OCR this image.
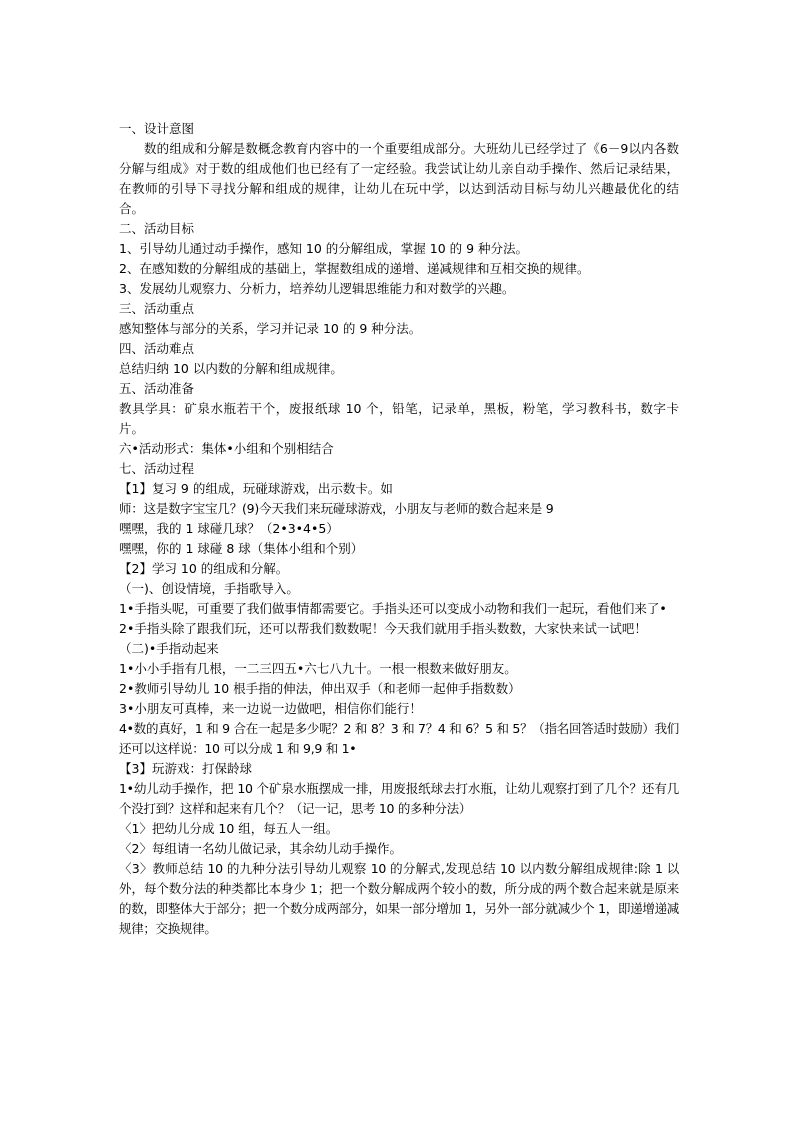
一、设计意图

数的组成和分解是数概念教育内容中的一个重要组成部分。大班幼儿已经学过了《6－9以内各数分解与组成》对于数的组成他们也已经有了一定经验。我尝试让幼儿亲自动手操作、然后记录结果，在教师的引导下寻找分解和组成的规律，让幼儿在玩中学，以达到活动目标与幼儿兴趣最优化的结合。

二、活动目标

1、引导幼儿通过动手操作，感知 10 的分解组成，掌握 10 的 9 种分法。

2、在感知数的分解组成的基础上，掌握数组成的递增、递减规律和互相交换的规律。

3、发展幼儿观察力、分析力，培养幼儿逻辑思维能力和对数学的兴趣。

三、活动重点

感知整体与部分的关系，学习并记录 10 的 9 种分法。

四、活动难点

总结归纳 10 以内数的分解和组成规律。

五、活动准备

教具学具：矿泉水瓶若干个，废报纸球 10 个，铅笔，记录单，黑板，粉笔，学习教科书，数字卡片。

六•活动形式：集体•小组和个别相结合

七、活动过程

【1】复习 9 的组成，玩碰球游戏，出示数卡。如

师：这是数字宝宝几？(9)今天我们来玩碰球游戏，小朋友与老师的数合起来是 9

嘿嘿，我的 1 球碰几球？（2•3•4•5）

嘿嘿，你的 1 球碰 8 球（集体小组和个别）

【2】学习 10 的组成和分解。

（一)、创设情境，手指歌导入。

1•手指头呢，可重要了我们做事情都需要它。手指头还可以变成小动物和我们一起玩，看他们来了•

2•手指头除了跟我们玩，还可以帮我们数数呢！今天我们就用手指头数数，大家快来试一试吧！

（二)•手指动起来

1•小小手指有几根，一二三四五•六七八九十。一根一根数来做好朋友。

2•教师引导幼儿 10 根手指的伸法，伸出双手（和老师一起伸手指数数）

3•小朋友可真棒，来一边说一边做吧，相信你们能行！

4•数的真好，1 和 9 合在一起是多少呢？2 和 8？3 和 7？4 和 6？5 和 5？（指名回答适时鼓励）我们还可以这样说：10 可以分成 1 和 9,9 和 1•

【3】玩游戏：打保龄球

1•幼儿动手操作，把 10 个矿泉水瓶摆成一排，用废报纸球去打水瓶，让幼儿观察打到了几个？还有几个没打到？这样和起来有几个？（记一记，思考 10 的多种分法）

〈1〉把幼儿分成 10 组，每五人一组。

〈2〉每组请一名幼儿做记录，其余幼儿动手操作。

〈3〉教师总结 10 的九种分法引导幼儿观察 10 的分解式,发现总结 10 以内数分解组成规律:除 1 以外，每个数分法的种类都比本身少 1；把一个数分解成两个较小的数，所分成的两个数合起来就是原来的数，即整体大于部分；把一个数分成两部分，如果一部分增加 1，另外一部分就减少个 1，即递增递减规律；交换规律。
